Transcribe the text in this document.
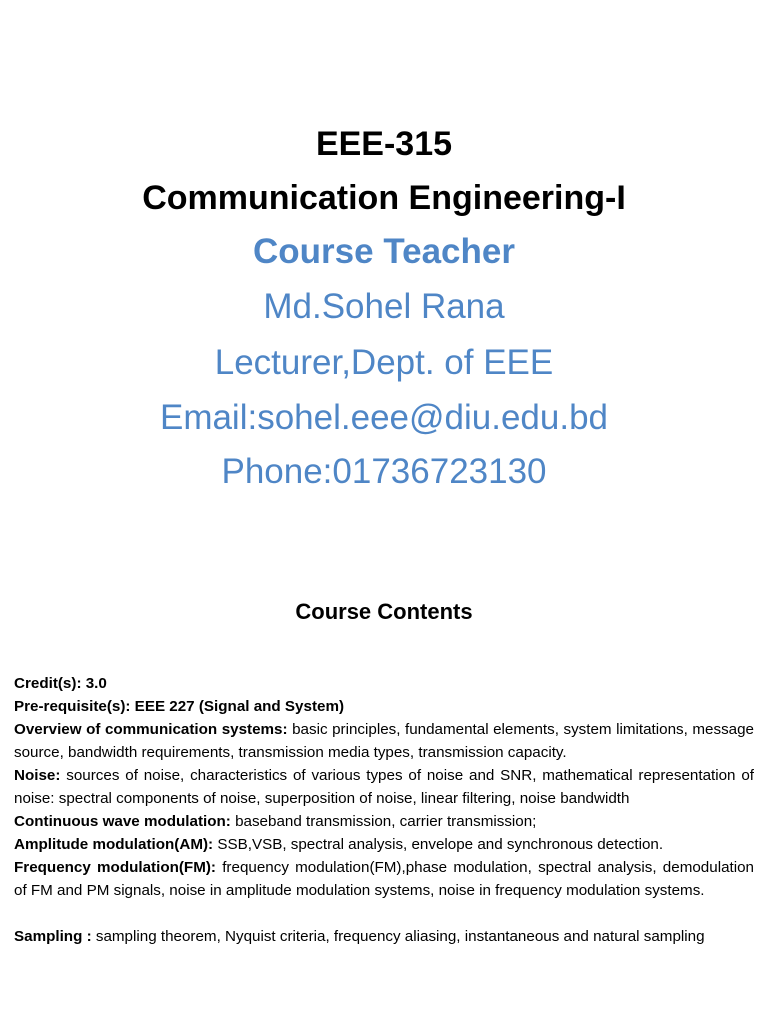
EEE-315
Communication Engineering-I
Course Teacher
Md.Sohel Rana
Lecturer,Dept. of EEE
Email:sohel.eee@diu.edu.bd
Phone:01736723130
Course Contents

Credit(s): 3.0

Pre-requisite(s): EEE 227 (Signal and System)

Overview of communication systems: basic principles, fundamental elements, system limitations, message source, bandwidth requirements, transmission media types, transmission capacity.

Noise: sources of noise, characteristics of various types of noise and SNR, mathematical representation of noise: spectral components of noise, superposition of noise, linear filtering, noise bandwidth

Continuous wave modulation: baseband transmission, carrier transmission;

Amplitude modulation(AM): SSB,VSB, spectral analysis, envelope and synchronous detection.

Frequency modulation(FM): frequency modulation(FM),phase modulation, spectral analysis, demodulation of FM and PM signals, noise in amplitude modulation systems, noise in frequency modulation systems.

Sampling : sampling theorem, Nyquist criteria, frequency aliasing, instantaneous and natural sampling
